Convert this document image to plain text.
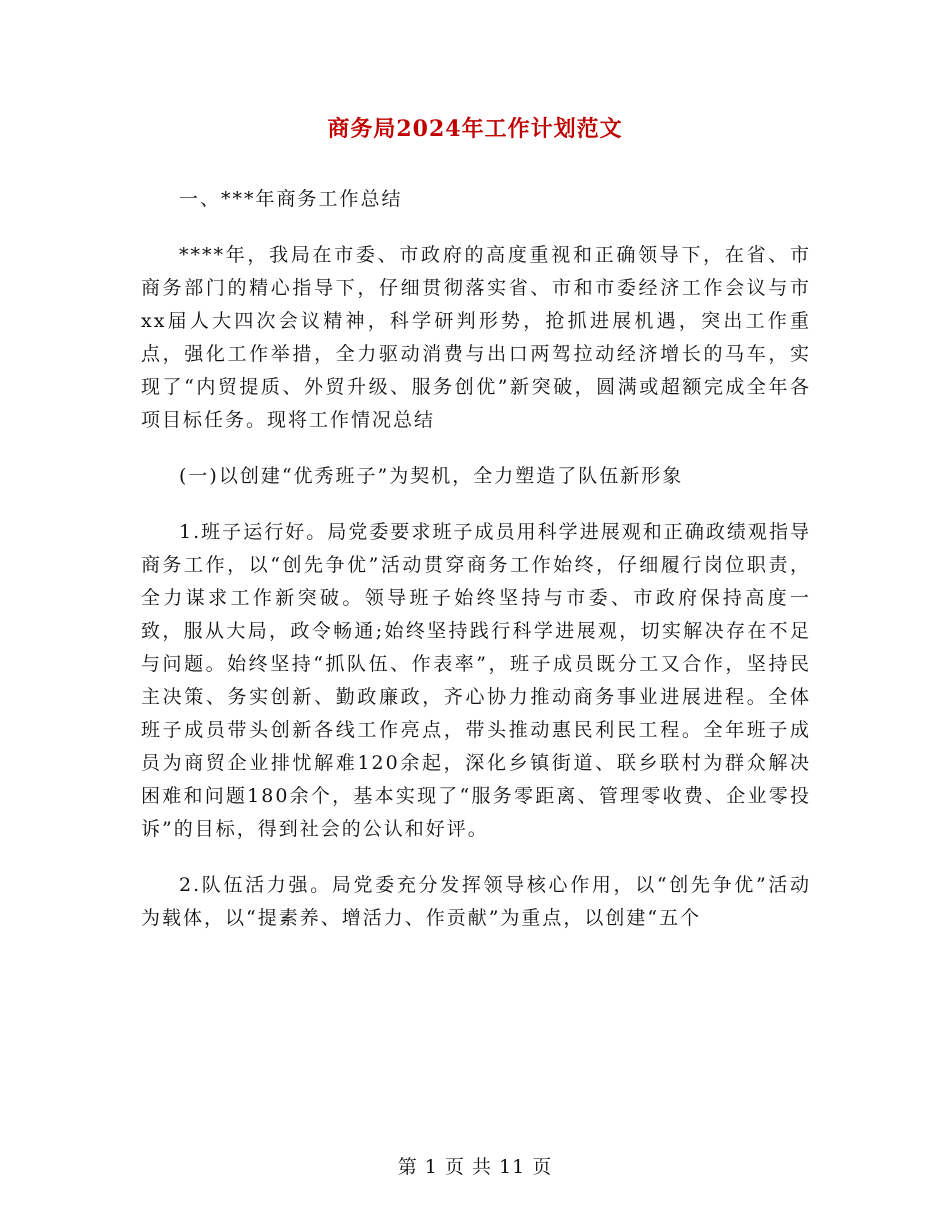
商务局2024年工作计划范文

一、***年商务工作总结

****年，我局在市委、市政府的高度重视和正确领导下，在省、市商务部门的精心指导下，仔细贯彻落实省、市和市委经济工作会议与市xx届人大四次会议精神，科学研判形势，抢抓进展机遇，突出工作重点，强化工作举措，全力驱动消费与出口两驾拉动经济增长的马车，实现了“内贸提质、外贸升级、服务创优”新突破，圆满或超额完成全年各项目标任务。现将工作情况总结

(一)以创建“优秀班子”为契机，全力塑造了队伍新形象

1.班子运行好。局党委要求班子成员用科学进展观和正确政绩观指导商务工作，以“创先争优”活动贯穿商务工作始终，仔细履行岗位职责，全力谋求工作新突破。领导班子始终坚持与市委、市政府保持高度一致，服从大局，政令畅通;始终坚持践行科学进展观，切实解决存在不足与问题。始终坚持“抓队伍、作表率”，班子成员既分工又合作，坚持民主决策、务实创新、勤政廉政，齐心协力推动商务事业进展进程。全体班子成员带头创新各线工作亮点，带头推动惠民利民工程。全年班子成员为商贸企业排忧解难120余起，深化乡镇街道、联乡联村为群众解决困难和问题180余个，基本实现了“服务零距离、管理零收费、企业零投诉”的目标，得到社会的公认和好评。

2.队伍活力强。局党委充分发挥领导核心作用，以“创先争优”活动为载体，以“提素养、增活力、作贡献”为重点，以创建“五个

第 1 页 共 11 页
